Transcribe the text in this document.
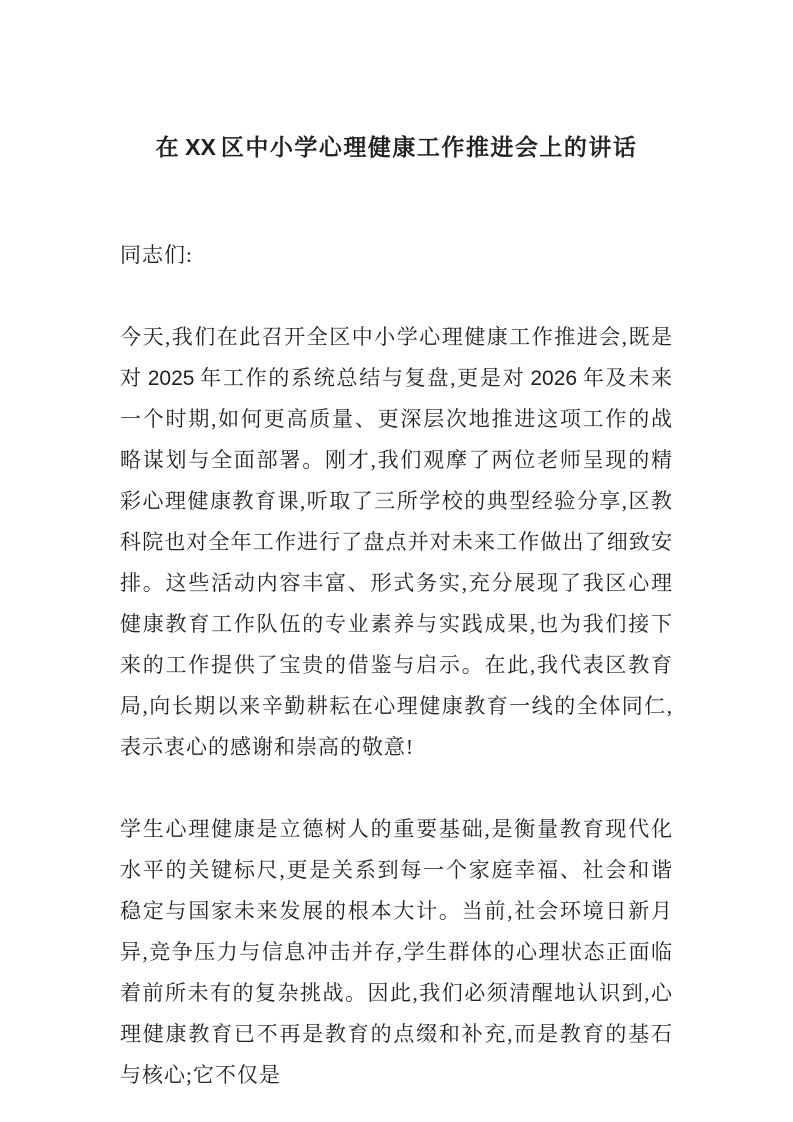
在 XX 区中小学心理健康工作推进会上的讲话

同志们:

今天,我们在此召开全区中小学心理健康工作推进会,既是对 2025 年工作的系统总结与复盘,更是对 2026 年及未来一个时期,如何更高质量、更深层次地推进这项工作的战略谋划与全面部署。刚才,我们观摩了两位老师呈现的精彩心理健康教育课,听取了三所学校的典型经验分享,区教科院也对全年工作进行了盘点并对未来工作做出了细致安排。这些活动内容丰富、形式务实,充分展现了我区心理健康教育工作队伍的专业素养与实践成果,也为我们接下来的工作提供了宝贵的借鉴与启示。在此,我代表区教育局,向长期以来辛勤耕耘在心理健康教育一线的全体同仁,表示衷心的感谢和崇高的敬意!

学生心理健康是立德树人的重要基础,是衡量教育现代化水平的关键标尺,更是关系到每一个家庭幸福、社会和谐稳定与国家未来发展的根本大计。当前,社会环境日新月异,竞争压力与信息冲击并存,学生群体的心理状态正面临着前所未有的复杂挑战。因此,我们必须清醒地认识到,心理健康教育已不再是教育的点缀和补充,而是教育的基石与核心;它不仅是
